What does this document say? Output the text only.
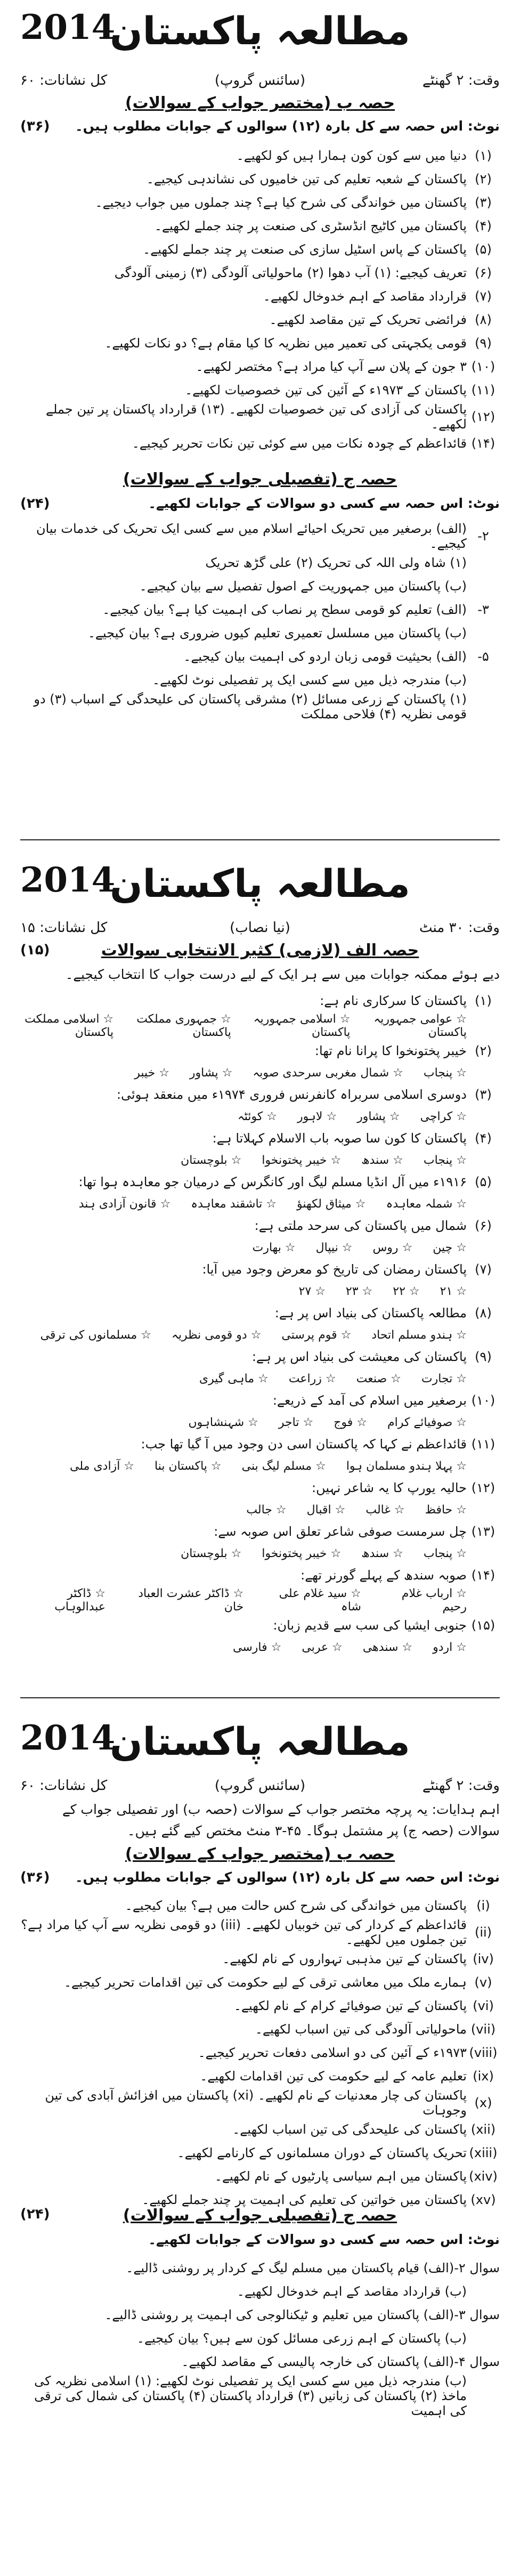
2014
مطالعہ پاکستان
وقت: ۲ گھنٹے
(سائنس گروپ)
کل نشانات: ۶۰
حصہ ب (مختصر جواب کے سوالات)
نوٹ: اس حصہ سے کل بارہ (۱۲) سوالوں کے جوابات مطلوب ہیں۔
(۳۶)
(۱)
دنیا میں سے کون کون ہمارا ہیں کو لکھیے۔
(۲)
پاکستان کے شعبہ تعلیم کی تین خامیوں کی نشاندہی کیجیے۔
(۳)
پاکستان میں خواندگی کی شرح کیا ہے؟ چند جملوں میں جواب دیجیے۔
(۴)
پاکستان میں کاٹیج انڈسٹری کی صنعت پر چند جملے لکھیے۔
(۵)
پاکستان کے پاس اسٹیل سازی کی صنعت پر چند جملے لکھیے۔
(۶)
تعریف کیجیے: (۱) آب دھوا (۲) ماحولیاتی آلودگی (۳) زمینی آلودگی
(۷)
قرارداد مقاصد کے اہم خدوخال لکھیے۔
(۸)
فرائضی تحریک کے تین مقاصد لکھیے۔
(۹)
قومی یکجہتی کی تعمیر میں نظریہ کا کیا مقام ہے؟ دو نکات لکھیے۔
(۱۰)
۳ جون کے پلان سے آپ کیا مراد ہے؟ مختصر لکھیے۔
(۱۱)
پاکستان کے ۱۹۷۳ء کے آئین کی تین خصوصیات لکھیے۔
(۱۲)
پاکستان کی آزادی کی تین خصوصیات لکھیے۔ (۱۳) قرارداد پاکستان پر تین جملے لکھیے۔
(۱۴)
قائداعظم کے چودہ نکات میں سے کوئی تین نکات تحریر کیجیے۔
حصہ ج (تفصیلی جواب کے سوالات)
نوٹ: اس حصہ سے کسی دو سوالات کے جوابات لکھیے۔
(۲۴)
۲-
(الف) برصغیر میں تحریک احیائے اسلام میں سے کسی ایک تحریک کی خدمات بیان کیجیے۔
(۱) شاہ ولی اللہ کی تحریک (۲) علی گڑھ تحریک
(ب) پاکستان میں جمہوریت کے اصول تفصیل سے بیان کیجیے۔
۳-
(الف) تعلیم کو قومی سطح پر نصاب کی اہمیت کیا ہے؟ بیان کیجیے۔
(ب) پاکستان میں مسلسل تعمیری تعلیم کیوں ضروری ہے؟ بیان کیجیے۔
۵-
(الف) بحیثیت قومی زبان اردو کی اہمیت بیان کیجیے۔
(ب) مندرجہ ذیل میں سے کسی ایک پر تفصیلی نوٹ لکھیے۔
(۱) پاکستان کے زرعی مسائل (۲) مشرقی پاکستان کی علیحدگی کے اسباب (۳) دو قومی نظریہ (۴) فلاحی مملکت
2014
مطالعہ پاکستان
وقت: ۳۰ منٹ
(نیا نصاب)
کل نشانات: ۱۵
حصہ الف (لازمی) کثیر الانتخابی سوالات
(۱۵)
دیے ہوئے ممکنہ جوابات میں سے ہر ایک کے لیے درست جواب کا انتخاب کیجیے۔
(۱)
پاکستان کا سرکاری نام ہے:
☆ عوامی جمہوریہ پاکستان
☆ اسلامی جمہوریہ پاکستان
☆ جمہوری مملکت پاکستان
☆ اسلامی مملکت پاکستان
(۲)
خیبر پختونخوا کا پرانا نام تھا:
☆ پنجاب
☆ شمال مغربی سرحدی صوبہ
☆ پشاور
☆ خیبر
(۳)
دوسری اسلامی سربراہ کانفرنس فروری ۱۹۷۴ء میں منعقد ہوئی:
☆ کراچی
☆ پشاور
☆ لاہور
☆ کوئٹہ
(۴)
پاکستان کا کون سا صوبہ باب الاسلام کہلاتا ہے:
☆ پنجاب
☆ سندھ
☆ خیبر پختونخوا
☆ بلوچستان
(۵)
۱۹۱۶ء میں آل انڈیا مسلم لیگ اور کانگرس کے درمیان جو معاہدہ ہوا تھا:
☆ شملہ معاہدہ
☆ میثاق لکھنؤ
☆ تاشقند معاہدہ
☆ قانون آزادی ہند
(۶)
شمال میں پاکستان کی سرحد ملتی ہے:
☆ چین
☆ روس
☆ نیپال
☆ بھارت
(۷)
پاکستان رمضان کی تاریخ کو معرض وجود میں آیا:
☆ ۲۱
☆ ۲۲
☆ ۲۳
☆ ۲۷
(۸)
مطالعہ پاکستان کی بنیاد اس پر ہے:
☆ ہندو مسلم اتحاد
☆ قوم پرستی
☆ دو قومی نظریہ
☆ مسلمانوں کی ترقی
(۹)
پاکستان کی معیشت کی بنیاد اس پر ہے:
☆ تجارت
☆ صنعت
☆ زراعت
☆ ماہی گیری
(۱۰)
برصغیر میں اسلام کی آمد کے ذریعے:
☆ صوفیائے کرام
☆ فوج
☆ تاجر
☆ شہنشاہوں
(۱۱)
قائداعظم نے کہا کہ پاکستان اسی دن وجود میں آ گیا تھا جب:
☆ پہلا ہندو مسلمان ہوا
☆ مسلم لیگ بنی
☆ پاکستان بنا
☆ آزادی ملی
(۱۲)
حالیہ یورپ کا یہ شاعر نہیں:
☆ حافظ
☆ غالب
☆ اقبال
☆ جالب
(۱۳)
چل سرمست صوفی شاعر تعلق اس صوبہ سے:
☆ پنجاب
☆ سندھ
☆ خیبر پختونخوا
☆ بلوچستان
(۱۴)
صوبہ سندھ کے پہلے گورنر تھے:
☆ ارباب غلام رحیم
☆ سید غلام علی شاہ
☆ ڈاکٹر عشرت العباد خان
☆ ڈاکٹر عبدالوہاب
(۱۵)
جنوبی ایشیا کی سب سے قدیم زبان:
☆ اردو
☆ سندھی
☆ عربی
☆ فارسی
2014
مطالعہ پاکستان
وقت: ۲ گھنٹے
(سائنس گروپ)
کل نشانات: ۶۰
اہم ہدایات: یہ پرچہ مختصر جواب کے سوالات (حصہ ب) اور تفصیلی جواب کے سوالات (حصہ ج) پر مشتمل ہوگا۔ ۴۵-۳ منٹ مختص کیے گئے ہیں۔
حصہ ب (مختصر جواب کے سوالات)
نوٹ: اس حصہ سے کل بارہ (۱۲) سوالوں کے جوابات مطلوب ہیں۔
(۳۶)
(i)
پاکستان میں خواندگی کی شرح کس حالت میں ہے؟ بیان کیجیے۔
(ii)
قائداعظم کے کردار کی تین خوبیاں لکھیے۔ (iii) دو قومی نظریہ سے آپ کیا مراد ہے؟ تین جملوں میں لکھیے۔
(iv)
پاکستان کے تین مذہبی تہواروں کے نام لکھیے۔
(v)
ہمارے ملک میں معاشی ترقی کے لیے حکومت کی تین اقدامات تحریر کیجیے۔
(vi)
پاکستان کے تین صوفیائے کرام کے نام لکھیے۔
(vii)
ماحولیاتی آلودگی کی تین اسباب لکھیے۔
(viii)
۱۹۷۳ء کے آئین کی دو اسلامی دفعات تحریر کیجیے۔
(ix)
تعلیم عامہ کے لیے حکومت کی تین اقدامات لکھیے۔
(x)
پاکستان کی چار معدنیات کے نام لکھیے۔ (xi) پاکستان میں افزائش آبادی کی تین وجوہات
(xii)
پاکستان کی علیحدگی کی تین اسباب لکھیے۔
(xiii)
تحریک پاکستان کے دوران مسلمانوں کے کارنامے لکھیے۔
(xiv)
پاکستان میں اہم سیاسی پارٹیوں کے نام لکھیے۔
(xv)
پاکستان میں خواتین کی تعلیم کی اہمیت پر چند جملے لکھیے۔
حصہ ج (تفصیلی جواب کے سوالات)
(۲۴)
نوٹ: اس حصہ سے کسی دو سوالات کے جوابات لکھیے۔
سوال ۲-
(الف) قیام پاکستان میں مسلم لیگ کے کردار پر روشنی ڈالیے۔
(ب) قرارداد مقاصد کے اہم خدوخال لکھیے۔
سوال ۳-
(الف) پاکستان میں تعلیم و ٹیکنالوجی کی اہمیت پر روشنی ڈالیے۔
(ب) پاکستان کے اہم زرعی مسائل کون سے ہیں؟ بیان کیجیے۔
سوال ۴-
(الف) پاکستان کی خارجہ پالیسی کے مقاصد لکھیے۔
(ب) مندرجہ ذیل میں سے کسی ایک پر تفصیلی نوٹ لکھیے: (۱) اسلامی نظریہ کی ماخذ (۲) پاکستان کی زبانیں (۳) قرارداد پاکستان (۴) پاکستان کی شمال کی ترقی کی اہمیت
